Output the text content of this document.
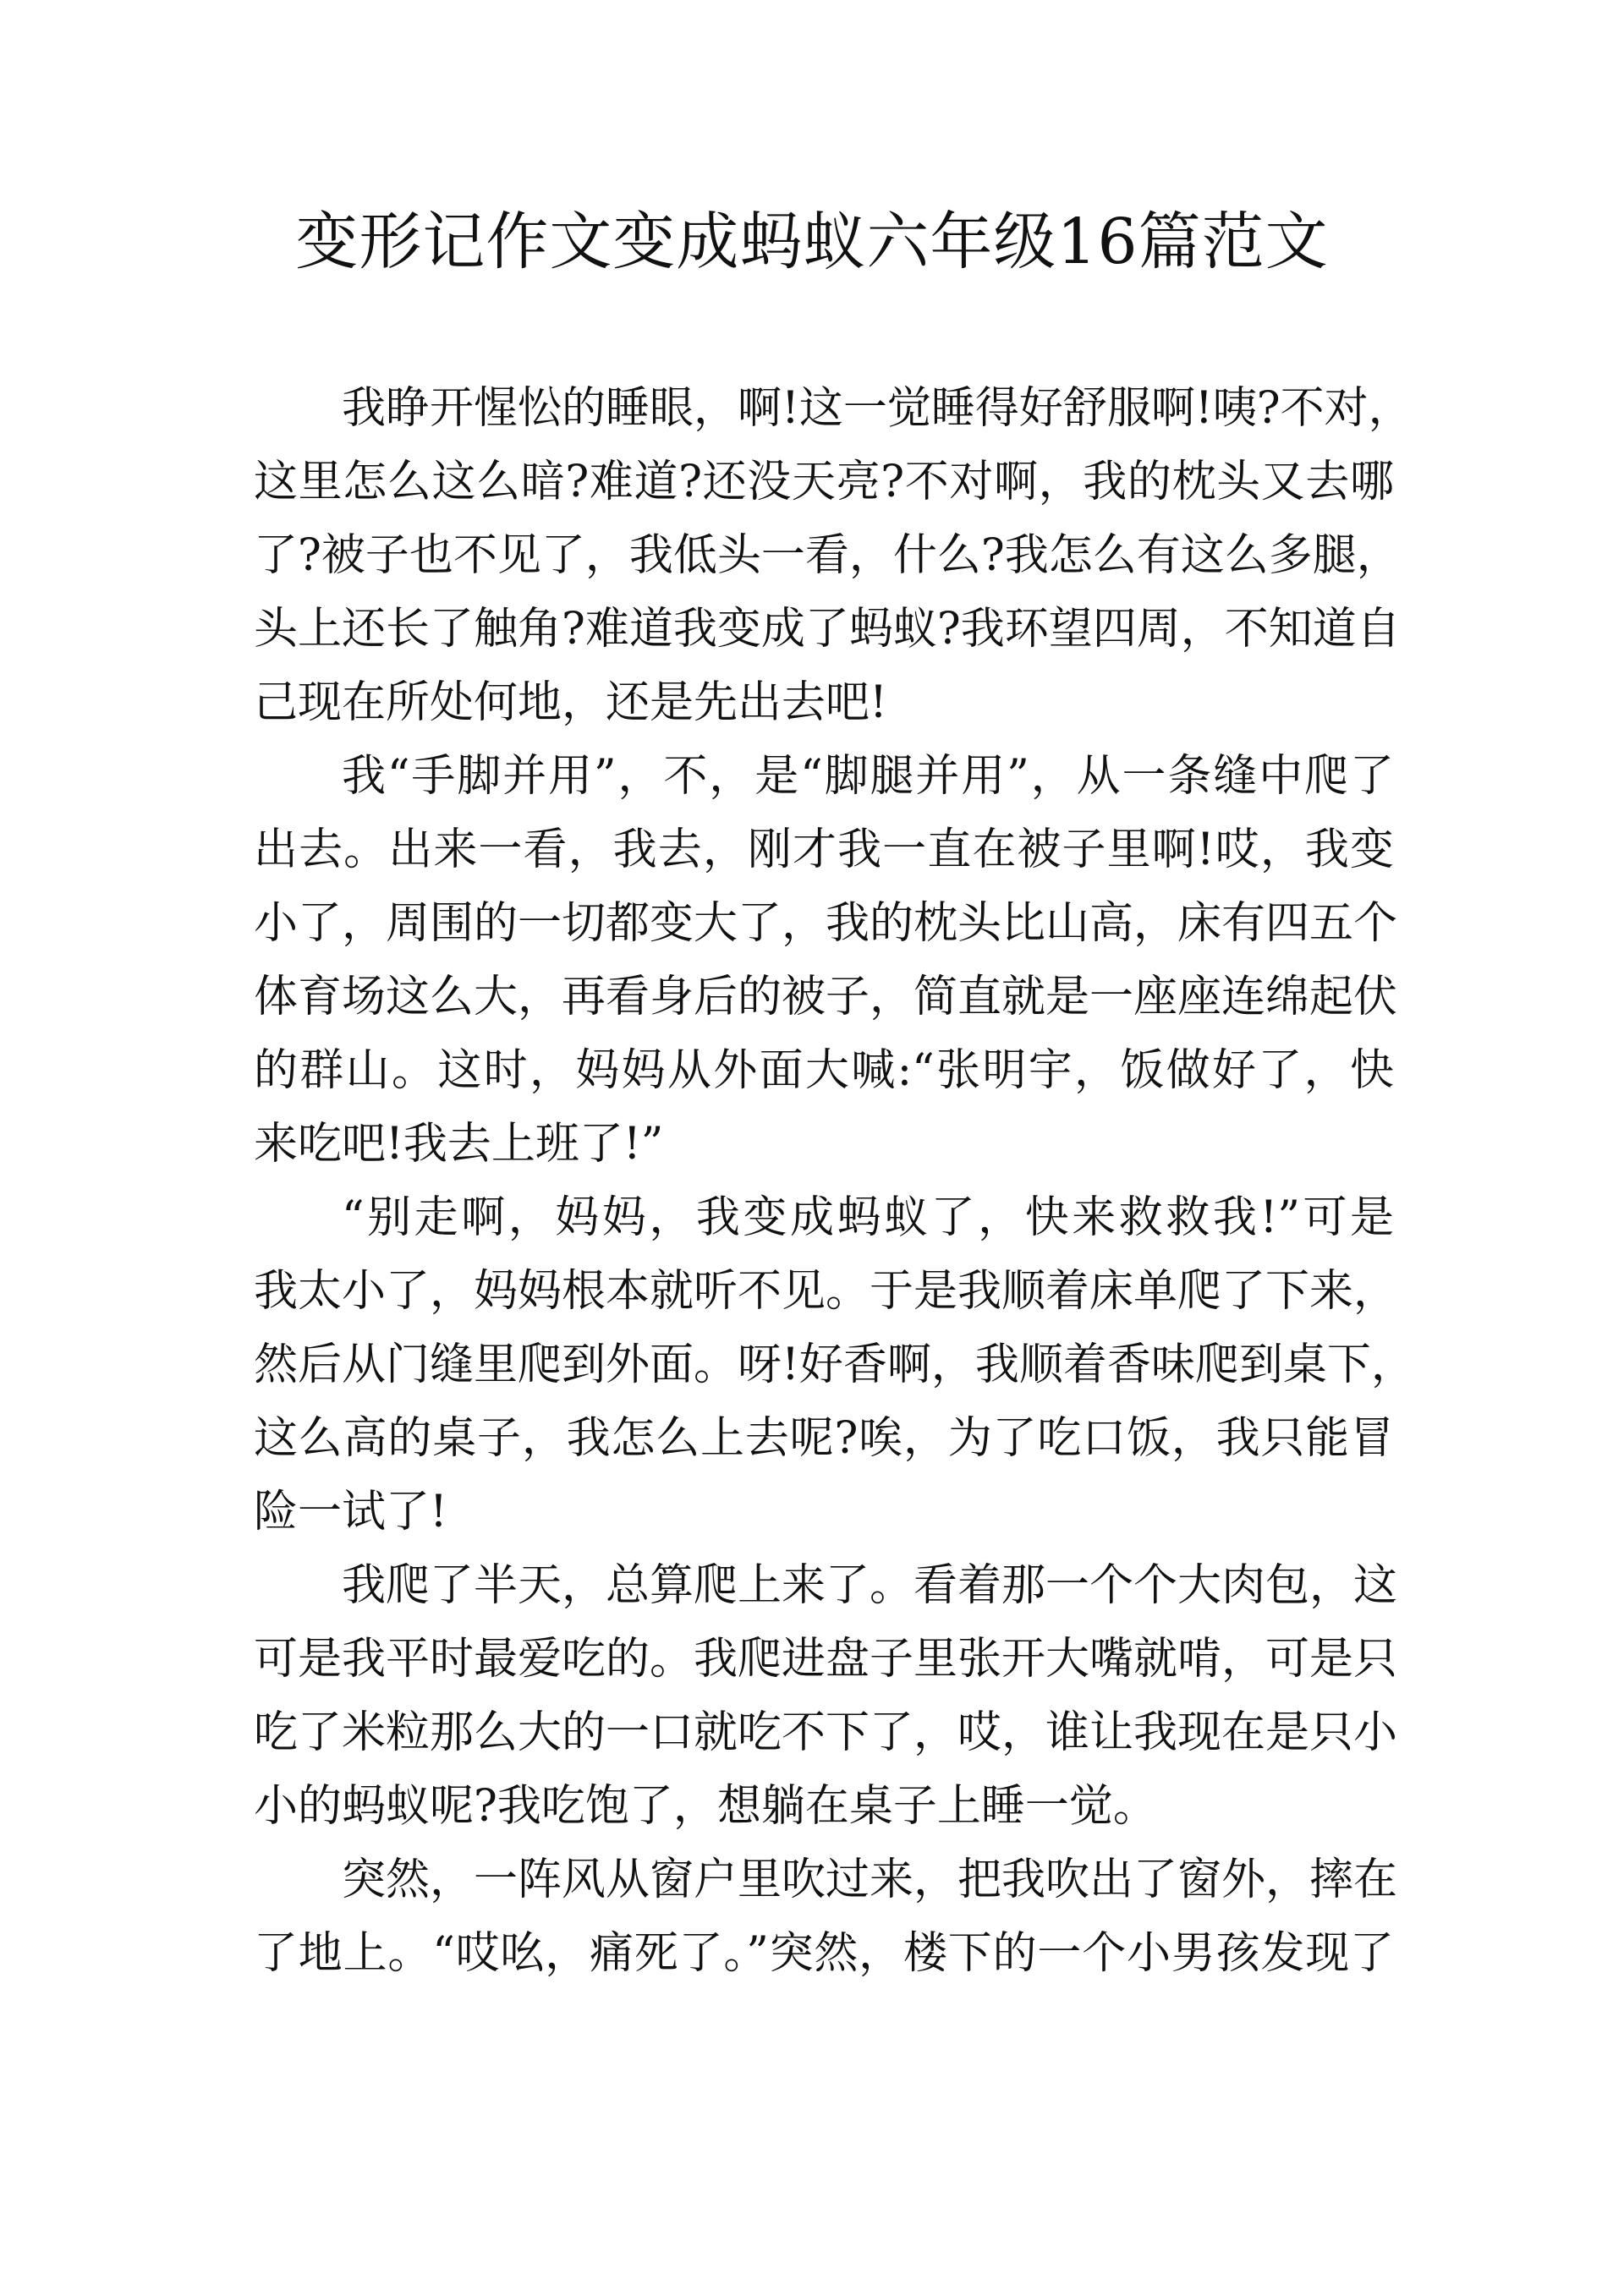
变形记作文变成蚂蚁六年级16篇范文
我睁开惺忪的睡眼，啊!这一觉睡得好舒服啊!咦?不对，
这里怎么这么暗?难道?还没天亮?不对啊，我的枕头又去哪
了?被子也不见了，我低头一看，什么?我怎么有这么多腿，
头上还长了触角?难道我变成了蚂蚁?我环望四周，不知道自
己现在所处何地，还是先出去吧!
我“手脚并用”，不，是“脚腿并用”，从一条缝中爬了
出去。出来一看，我去，刚才我一直在被子里啊!哎，我变
小了，周围的一切都变大了，我的枕头比山高，床有四五个
体育场这么大，再看身后的被子，简直就是一座座连绵起伏
的群山。这时，妈妈从外面大喊:“张明宇，饭做好了，快
来吃吧!我去上班了!”
“别走啊，妈妈，我变成蚂蚁了，快来救救我!”可是
我太小了，妈妈根本就听不见。于是我顺着床单爬了下来，
然后从门缝里爬到外面。呀!好香啊，我顺着香味爬到桌下，
这么高的桌子，我怎么上去呢?唉，为了吃口饭，我只能冒
险一试了!
我爬了半天，总算爬上来了。看着那一个个大肉包，这
可是我平时最爱吃的。我爬进盘子里张开大嘴就啃，可是只
吃了米粒那么大的一口就吃不下了，哎，谁让我现在是只小
小的蚂蚁呢?我吃饱了，想躺在桌子上睡一觉。
突然，一阵风从窗户里吹过来，把我吹出了窗外，摔在
了地上。“哎吆，痛死了。”突然，楼下的一个小男孩发现了
